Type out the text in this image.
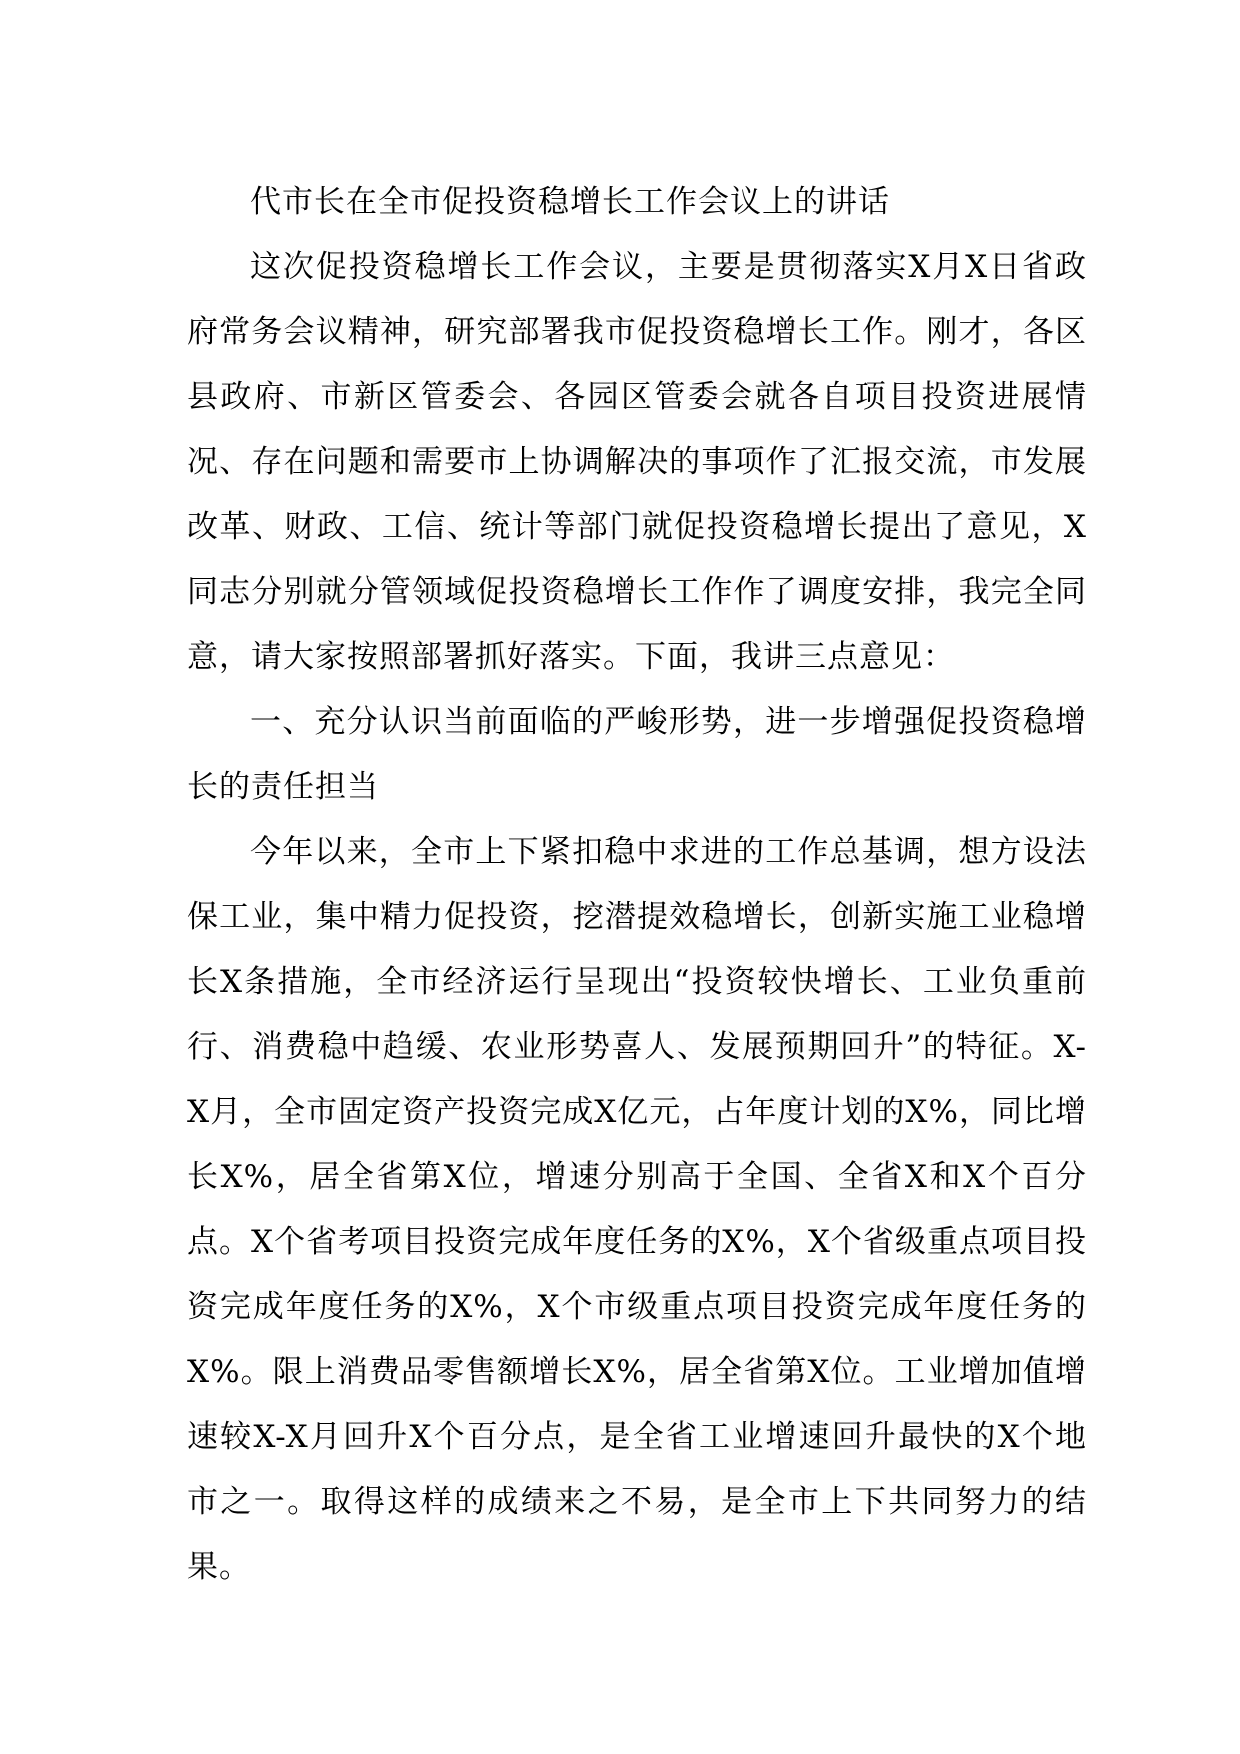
代市长在全市促投资稳增长工作会议上的讲话

这次促投资稳增长工作会议，主要是贯彻落实X月X日省政府常务会议精神，研究部署我市促投资稳增长工作。刚才，各区县政府、市新区管委会、各园区管委会就各自项目投资进展情况、存在问题和需要市上协调解决的事项作了汇报交流，市发展改革、财政、工信、统计等部门就促投资稳增长提出了意见，X同志分别就分管领域促投资稳增长工作作了调度安排，我完全同意，请大家按照部署抓好落实。下面，我讲三点意见：

一、充分认识当前面临的严峻形势，进一步增强促投资稳增长的责任担当

今年以来，全市上下紧扣稳中求进的工作总基调，想方设法保工业，集中精力促投资，挖潜提效稳增长，创新实施工业稳增长X条措施，全市经济运行呈现出“投资较快增长、工业负重前行、消费稳中趋缓、农业形势喜人、发展预期回升”的特征。X-X月，全市固定资产投资完成X亿元，占年度计划的X%，同比增长X%，居全省第X位，增速分别高于全国、全省X和X个百分点。X个省考项目投资完成年度任务的X%，X个省级重点项目投资完成年度任务的X%，X个市级重点项目投资完成年度任务的X%。限上消费品零售额增长X%，居全省第X位。工业增加值增速较X-X月回升X个百分点，是全省工业增速回升最快的X个地市之一。取得这样的成绩来之不易，是全市上下共同努力的结果。
